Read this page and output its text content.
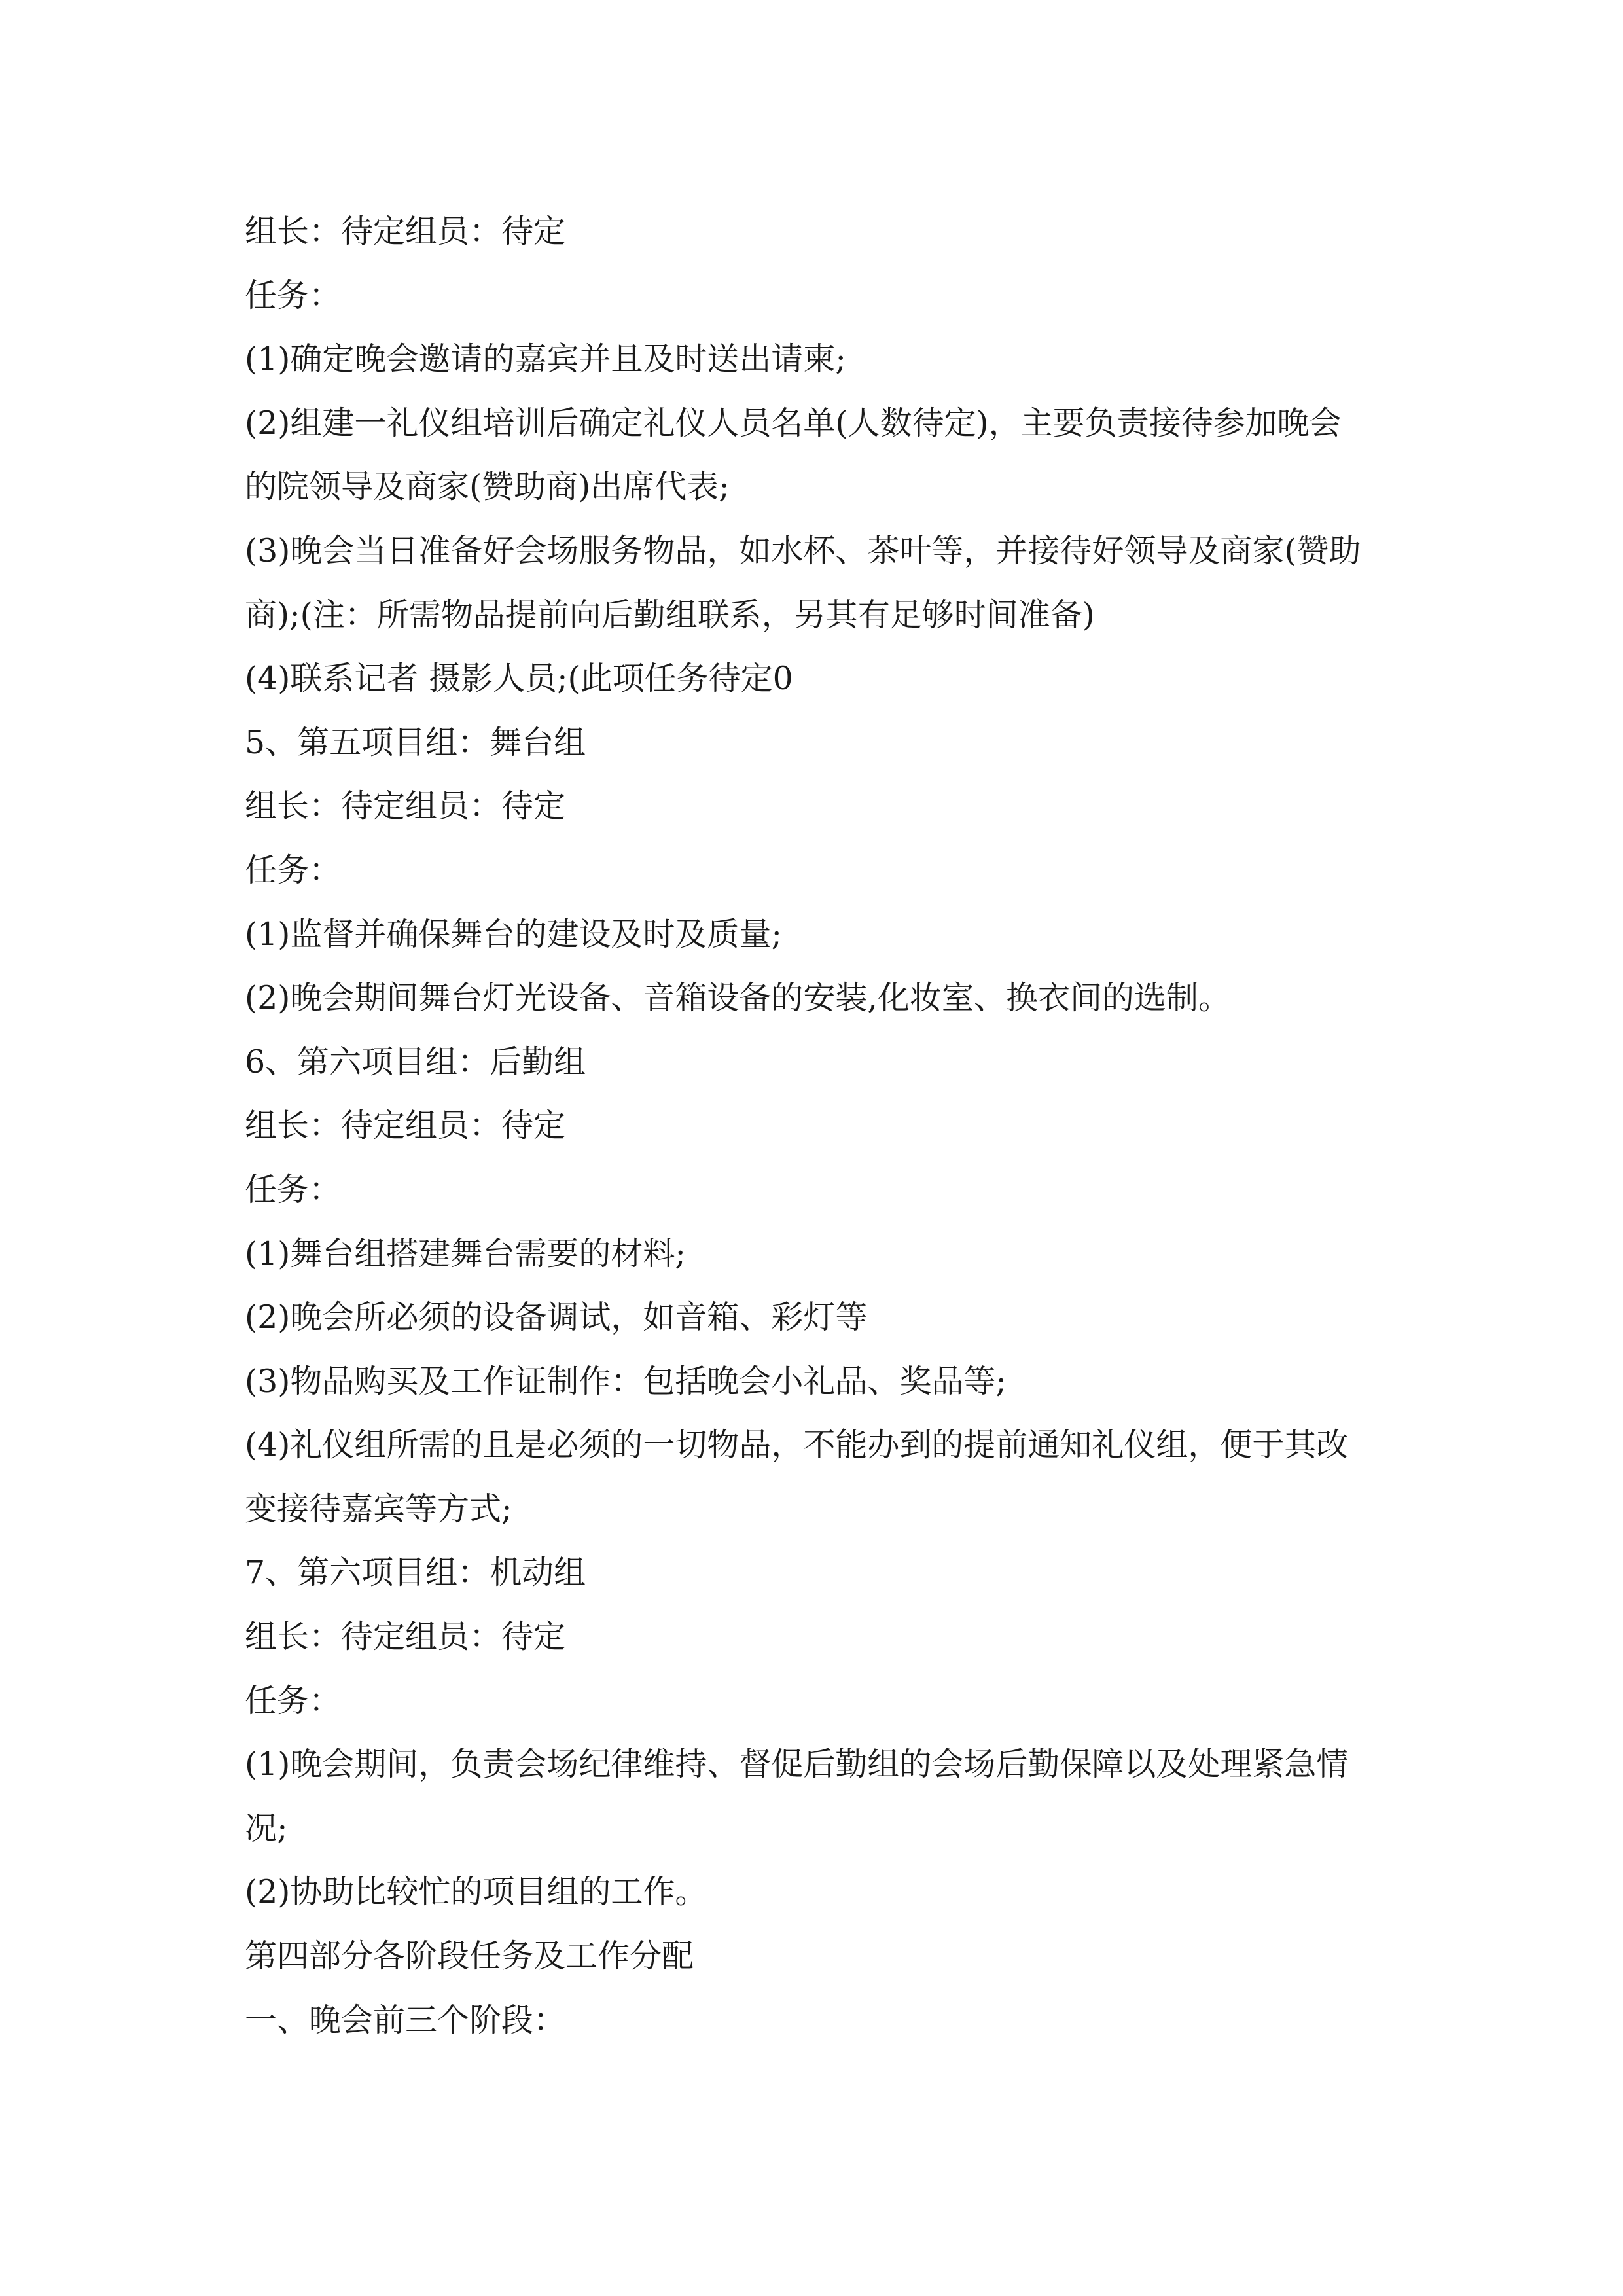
组长：待定组员：待定
任务：
(1)确定晚会邀请的嘉宾并且及时送出请柬;
(2)组建一礼仪组培训后确定礼仪人员名单(人数待定)，主要负责接待参加晚会
的院领导及商家(赞助商)出席代表;
(3)晚会当日准备好会场服务物品，如水杯、茶叶等，并接待好领导及商家(赞助
商);(注：所需物品提前向后勤组联系，另其有足够时间准备)
(4)联系记者 摄影人员;(此项任务待定0
5、第五项目组：舞台组
组长：待定组员：待定
任务：
(1)监督并确保舞台的建设及时及质量;
(2)晚会期间舞台灯光设备、音箱设备的安装,化妆室、换衣间的选制。
6、第六项目组：后勤组
组长：待定组员：待定
任务：
(1)舞台组搭建舞台需要的材料;
(2)晚会所必须的设备调试，如音箱、彩灯等
(3)物品购买及工作证制作：包括晚会小礼品、奖品等;
(4)礼仪组所需的且是必须的一切物品，不能办到的提前通知礼仪组，便于其改
变接待嘉宾等方式;
7、第六项目组：机动组
组长：待定组员：待定
任务：
(1)晚会期间，负责会场纪律维持、督促后勤组的会场后勤保障以及处理紧急情
况;
(2)协助比较忙的项目组的工作。
第四部分各阶段任务及工作分配
一、晚会前三个阶段：
